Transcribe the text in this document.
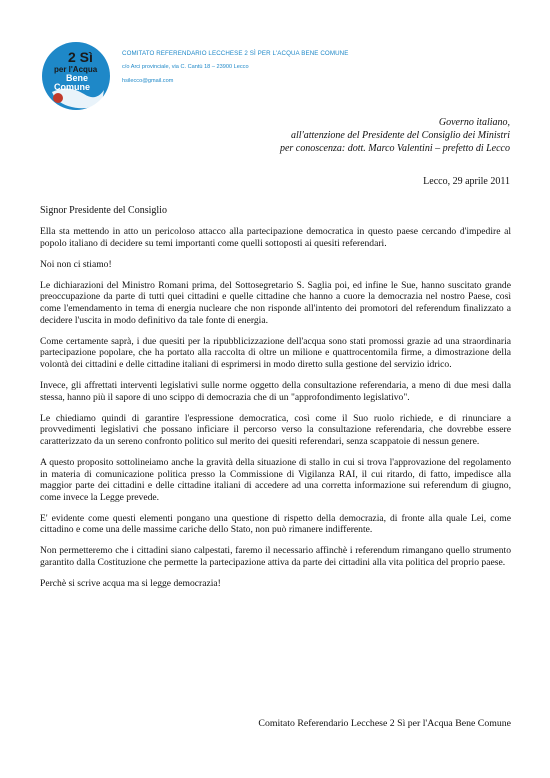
2 Sì
per l'Acqua
Bene
Comune
COMITATO REFERENDARIO LECCHESE 2 SÌ PER L'ACQUA BENE COMUNE
c/o Arci provinciale, via C. Cantù 18 – 23900 Lecco
hsilecco@gmail.com
Governo italiano,
all'attenzione del Presidente del Consiglio dei Ministri
per conoscenza: dott. Marco Valentini – prefetto di Lecco
Lecco, 29 aprile 2011
Signor Presidente del Consiglio

Ella sta mettendo in atto un pericoloso attacco alla partecipazione democratica in questo paese cercando d'impedire al popolo italiano di decidere su temi importanti come quelli sottoposti ai quesiti referendari.

Noi non ci stiamo!

Le dichiarazioni del Ministro Romani prima, del Sottosegretario S. Saglia poi, ed infine le Sue, hanno suscitato grande preoccupazione da parte di tutti quei cittadini e quelle cittadine che hanno a cuore la democrazia nel nostro Paese, così come l'emendamento in tema di energia nucleare che non risponde all'intento dei promotori del referendum finalizzato a decidere l'uscita in modo definitivo da tale fonte di energia.

Come certamente saprà, i due quesiti per la ripubblicizzazione dell'acqua sono stati promossi grazie ad una straordinaria partecipazione popolare, che ha portato alla raccolta di oltre un milione e quattrocentomila firme, a dimostrazione della volontà dei cittadini e delle cittadine italiani di esprimersi in modo diretto sulla gestione del servizio idrico.

Invece, gli affrettati interventi legislativi sulle norme oggetto della consultazione referendaria, a meno di due mesi dalla stessa, hanno più il sapore di uno scippo di democrazia che di un "approfondimento legislativo".

Le chiediamo quindi di garantire l'espressione democratica, così come il Suo ruolo richiede, e di rinunciare a provvedimenti legislativi che possano inficiare il percorso verso la consultazione referendaria, che dovrebbe essere caratterizzato da un sereno confronto politico sul merito dei quesiti referendari, senza scappatoie di nessun genere.

A questo proposito sottolineiamo anche la gravità della situazione di stallo in cui si trova l'approvazione del regolamento in materia di comunicazione politica presso la Commissione di Vigilanza RAI, il cui ritardo, di fatto, impedisce alla maggior parte dei cittadini e delle cittadine italiani di accedere ad una corretta informazione sui referendum di giugno, come invece la Legge prevede.

E' evidente come questi elementi pongano una questione di rispetto della democrazia, di fronte alla quale Lei, come cittadino e come una delle massime cariche dello Stato, non può rimanere indifferente.

Non permetteremo che i cittadini siano calpestati, faremo il necessario affinchè i referendum rimangano quello strumento garantito dalla Costituzione che permette la partecipazione attiva da parte dei cittadini alla vita politica del proprio paese.

Perchè si scrive acqua ma si legge democrazia!

Comitato Referendario Lecchese 2 Sì per l'Acqua Bene Comune
